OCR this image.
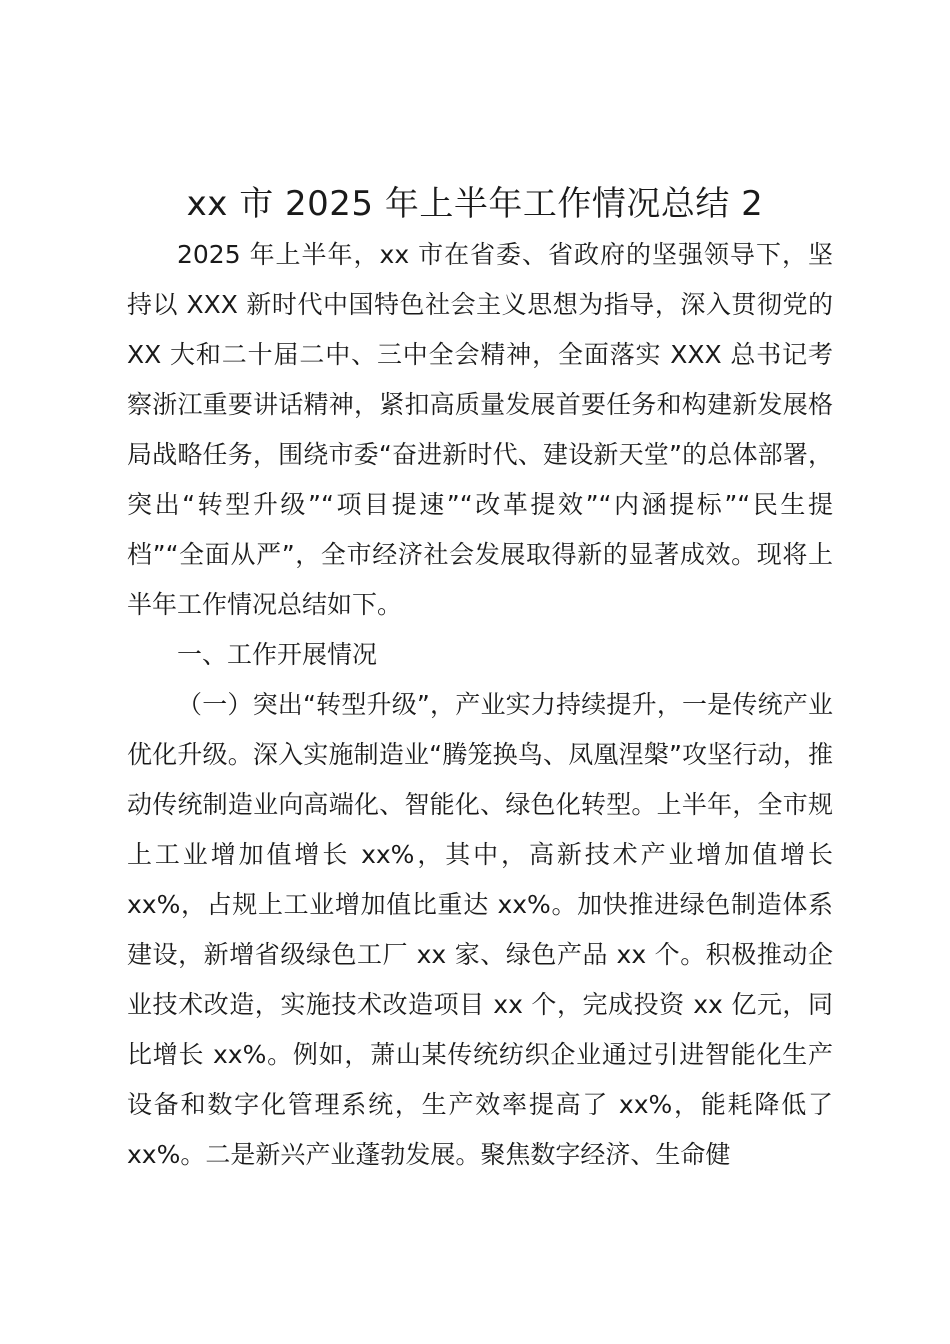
xx 市 2025 年上半年工作情况总结 2

2025 年上半年，xx 市在省委、省政府的坚强领导下，坚持以 XXX 新时代中国特色社会主义思想为指导，深入贯彻党的 XX 大和二十届二中、三中全会精神，全面落实 XXX 总书记考察浙江重要讲话精神，紧扣高质量发展首要任务和构建新发展格局战略任务，围绕市委“奋进新时代、建设新天堂”的总体部署，突出“转型升级”“项目提速”“改革提效”“内涵提标”“民生提档”“全面从严”，全市经济社会发展取得新的显著成效。现将上半年工作情况总结如下。

一、工作开展情况

（一）突出“转型升级”，产业实力持续提升，一是传统产业优化升级。深入实施制造业“腾笼换鸟、凤凰涅槃”攻坚行动，推动传统制造业向高端化、智能化、绿色化转型。上半年，全市规上工业增加值增长 xx%，其中，高新技术产业增加值增长 xx%，占规上工业增加值比重达 xx%。加快推进绿色制造体系建设，新增省级绿色工厂 xx 家、绿色产品 xx 个。积极推动企业技术改造，实施技术改造项目 xx 个，完成投资 xx 亿元，同比增长 xx%。例如，萧山某传统纺织企业通过引进智能化生产设备和数字化管理系统，生产效率提高了 xx%，能耗降低了 xx%。二是新兴产业蓬勃发展。聚焦数字经济、生命健
